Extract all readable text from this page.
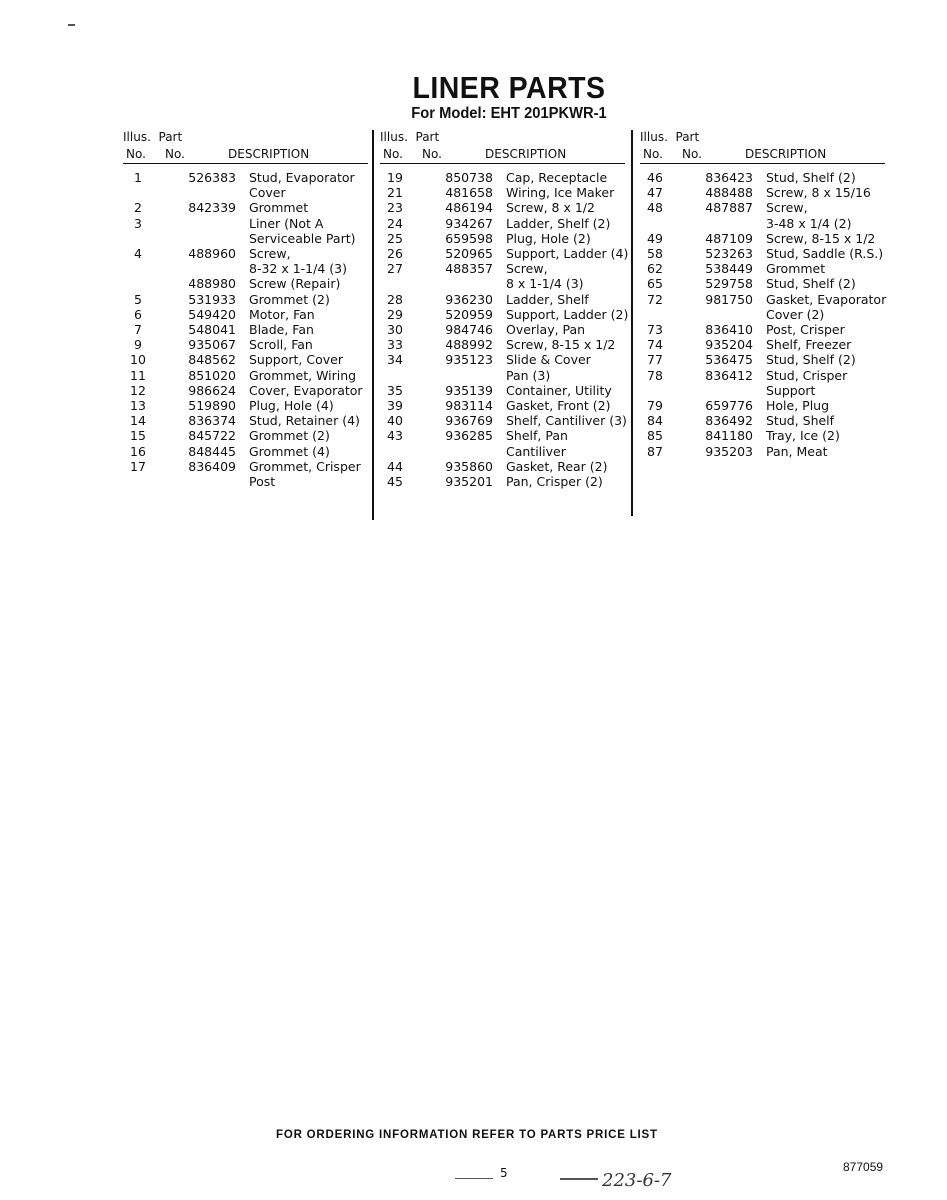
LINER PARTS
For Model: EHT 201PKWR-1
Illus.  Part
No. No.	DESCRIPTION
1	526383 Stud, Evaporator
Cover
2	842339 Grommet
3	Liner (Not A
Serviceable Part)
4	488960 Screw,
8-32 x 1-1/4 (3)
488980 Screw (Repair)
5	531933 Grommet (2)
6	549420 Motor, Fan
7	548041 Blade, Fan
9	935067 Scroll, Fan
10	848562 Support, Cover
11	851020 Grommet, Wiring
12	986624 Cover, Evaporator
13	519890 Plug, Hole (4)
14	836374 Stud, Retainer (4)
15	845722 Grommet (2)
16	848445 Grommet (4)
17	836409 Grommet, Crisper
Post
Illus.  Part
No. No.	DESCRIPTION
19	850738 Cap, Receptacle
21	481658 Wiring, Ice Maker
23	486194 Screw, 8 x 1/2
24	934267 Ladder, Shelf (2)
25	659598 Plug, Hole (2)
26	520965 Support, Ladder (4)
27	488357 Screw,
8 x 1-1/4 (3)
28	936230 Ladder, Shelf
29	520959 Support, Ladder (2)
30	984746 Overlay, Pan
33	488992 Screw, 8-15 x 1/2
34	935123 Slide & Cover
Pan (3)
35	935139 Container, Utility
39	983114 Gasket, Front (2)
40	936769 Shelf, Cantiliver (3)
43	936285 Shelf, Pan
Cantiliver
44	935860 Gasket, Rear (2)
45	935201 Pan, Crisper (2)
Illus.  Part
No. No.	DESCRIPTION
46	836423 Stud, Shelf (2)
47	488488 Screw, 8 x 15/16
48	487887 Screw,
3-48 x 1/4 (2)
49	487109 Screw, 8-15 x 1/2
58	523263 Stud, Saddle (R.S.)
62	538449 Grommet
65	529758 Stud, Shelf (2)
72	981750 Gasket, Evaporator
Cover (2)
73	836410 Post, Crisper
74	935204 Shelf, Freezer
77	536475 Stud, Shelf (2)
78	836412 Stud, Crisper
Support
79	659776 Hole, Plug
84	836492 Stud, Shelf
85	841180 Tray, Ice (2)
87	935203 Pan, Meat
FOR ORDERING INFORMATION REFER TO PARTS PRICE LIST
5	223-6-7
877059
